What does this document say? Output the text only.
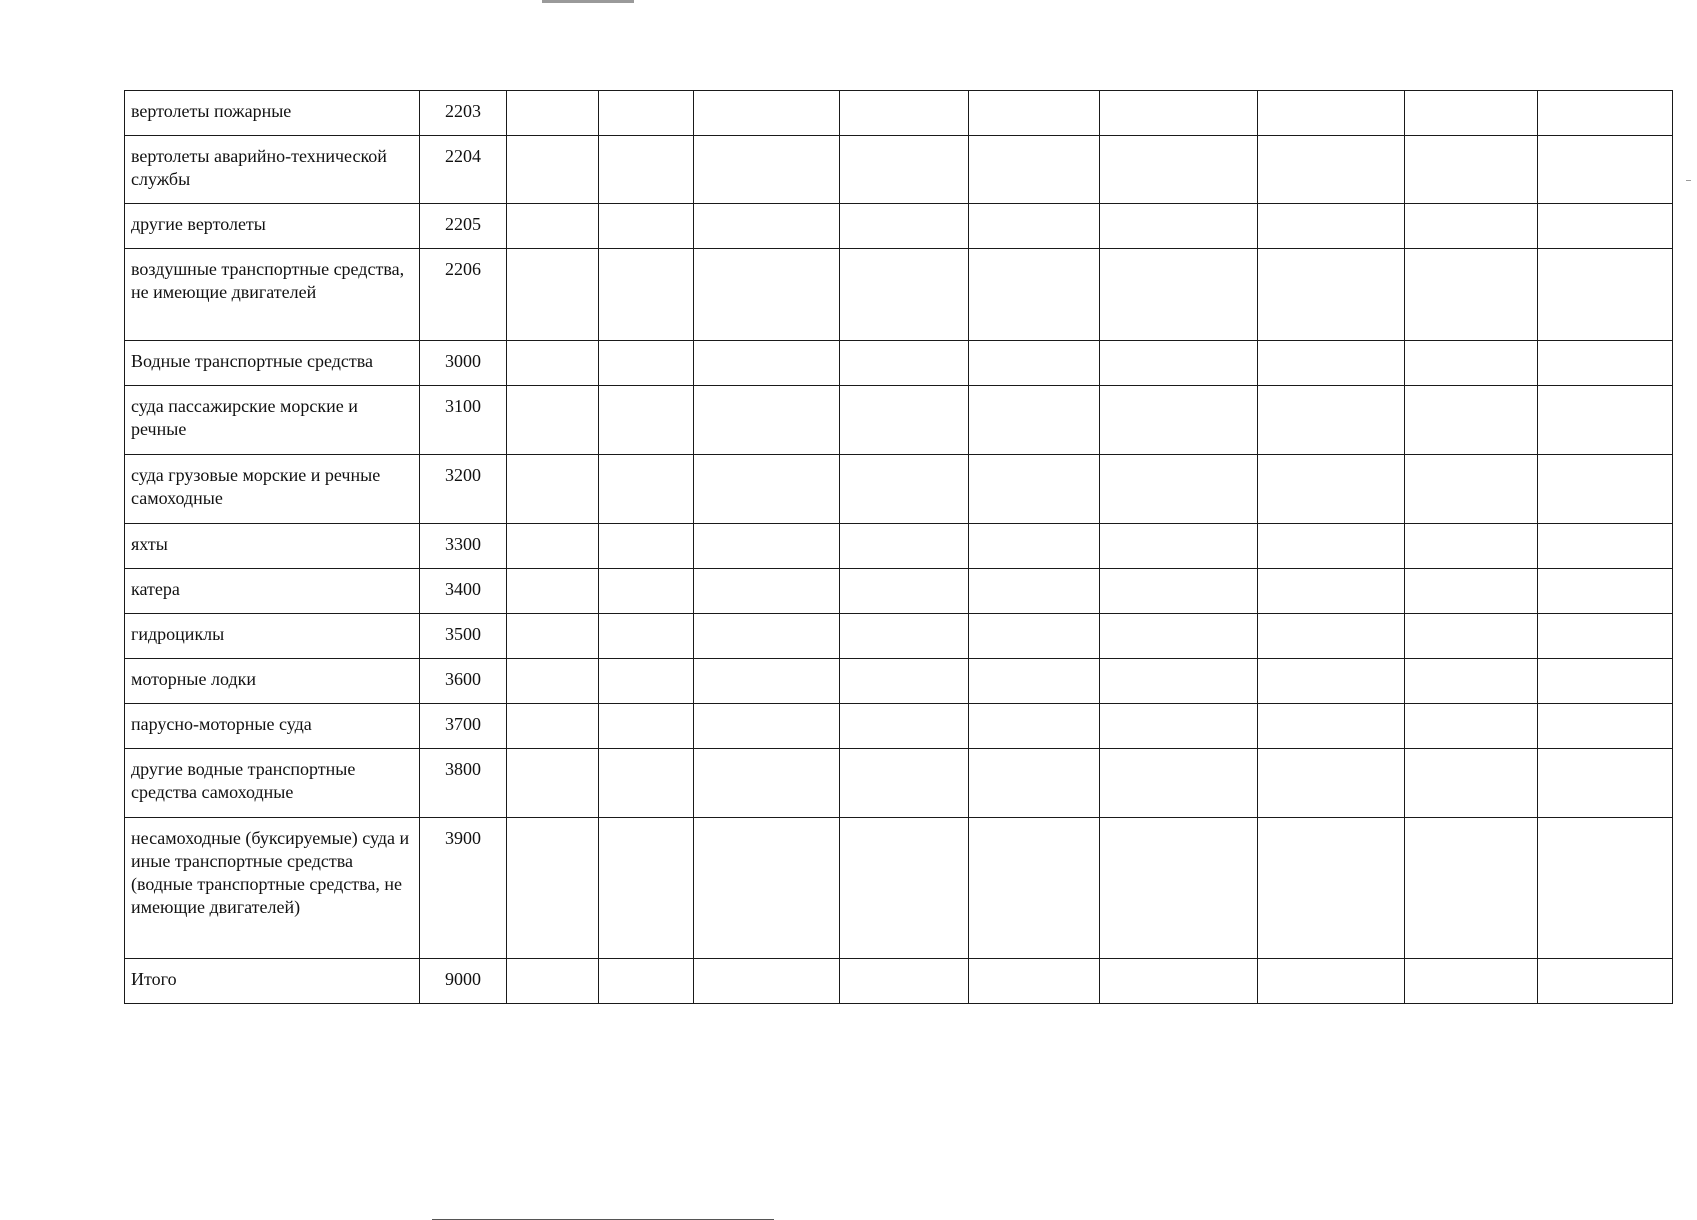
вертолеты пожарные	2203									
вертолеты аварийно-технической службы	2204									
другие вертолеты	2205									
воздушные транспортные средства, не имеющие двигателей	2206									
Водные транспортные средства	3000									
суда пассажирские морские и речные	3100									
суда грузовые морские и речные самоходные	3200									
яхты	3300									
катера	3400									
гидроциклы	3500									
моторные лодки	3600									
парусно-моторные суда	3700									
другие водные транспортные средства самоходные	3800									
несамоходные (буксируемые) суда и иные транспортные средства (водные транспортные средства, не имеющие двигателей)	3900									
Итого	9000									
